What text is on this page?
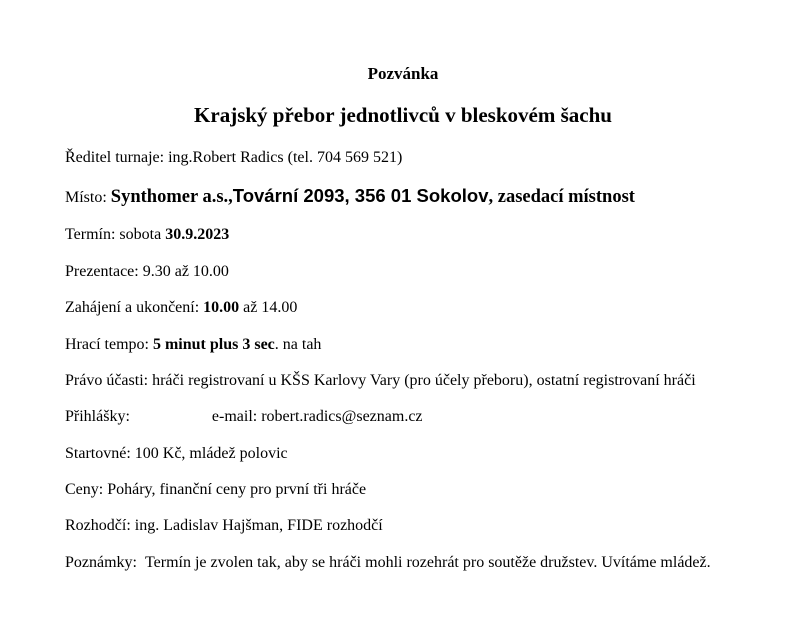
Pozvánka
Krajský přebor jednotlivců v bleskovém šachu

Ředitel turnaje: ing.Robert Radics (tel. 704 569 521)

Místo: Synthomer a.s.,Tovární 2093, 356 01 Sokolov, zasedací místnost

Termín: sobota 30.9.2023

Prezentace: 9.30 až 10.00

Zahájení a ukončení: 10.00 až 14.00

Hrací tempo: 5 minut plus 3 sec. na tah

Právo účasti: hráči registrovaní u KŠS Karlovy Vary (pro účely přeboru), ostatní registrovaní hráči

Přihlášky:	e-mail: robert.radics@seznam.cz

Startovné: 100 Kč, mládež polovic

Ceny: Poháry, finanční ceny pro první tři hráče

Rozhodčí: ing. Ladislav Hajšman, FIDE rozhodčí

Poznámky:  Termín je zvolen tak, aby se hráči mohli rozehrát pro soutěže družstev. Uvítáme mládež.
